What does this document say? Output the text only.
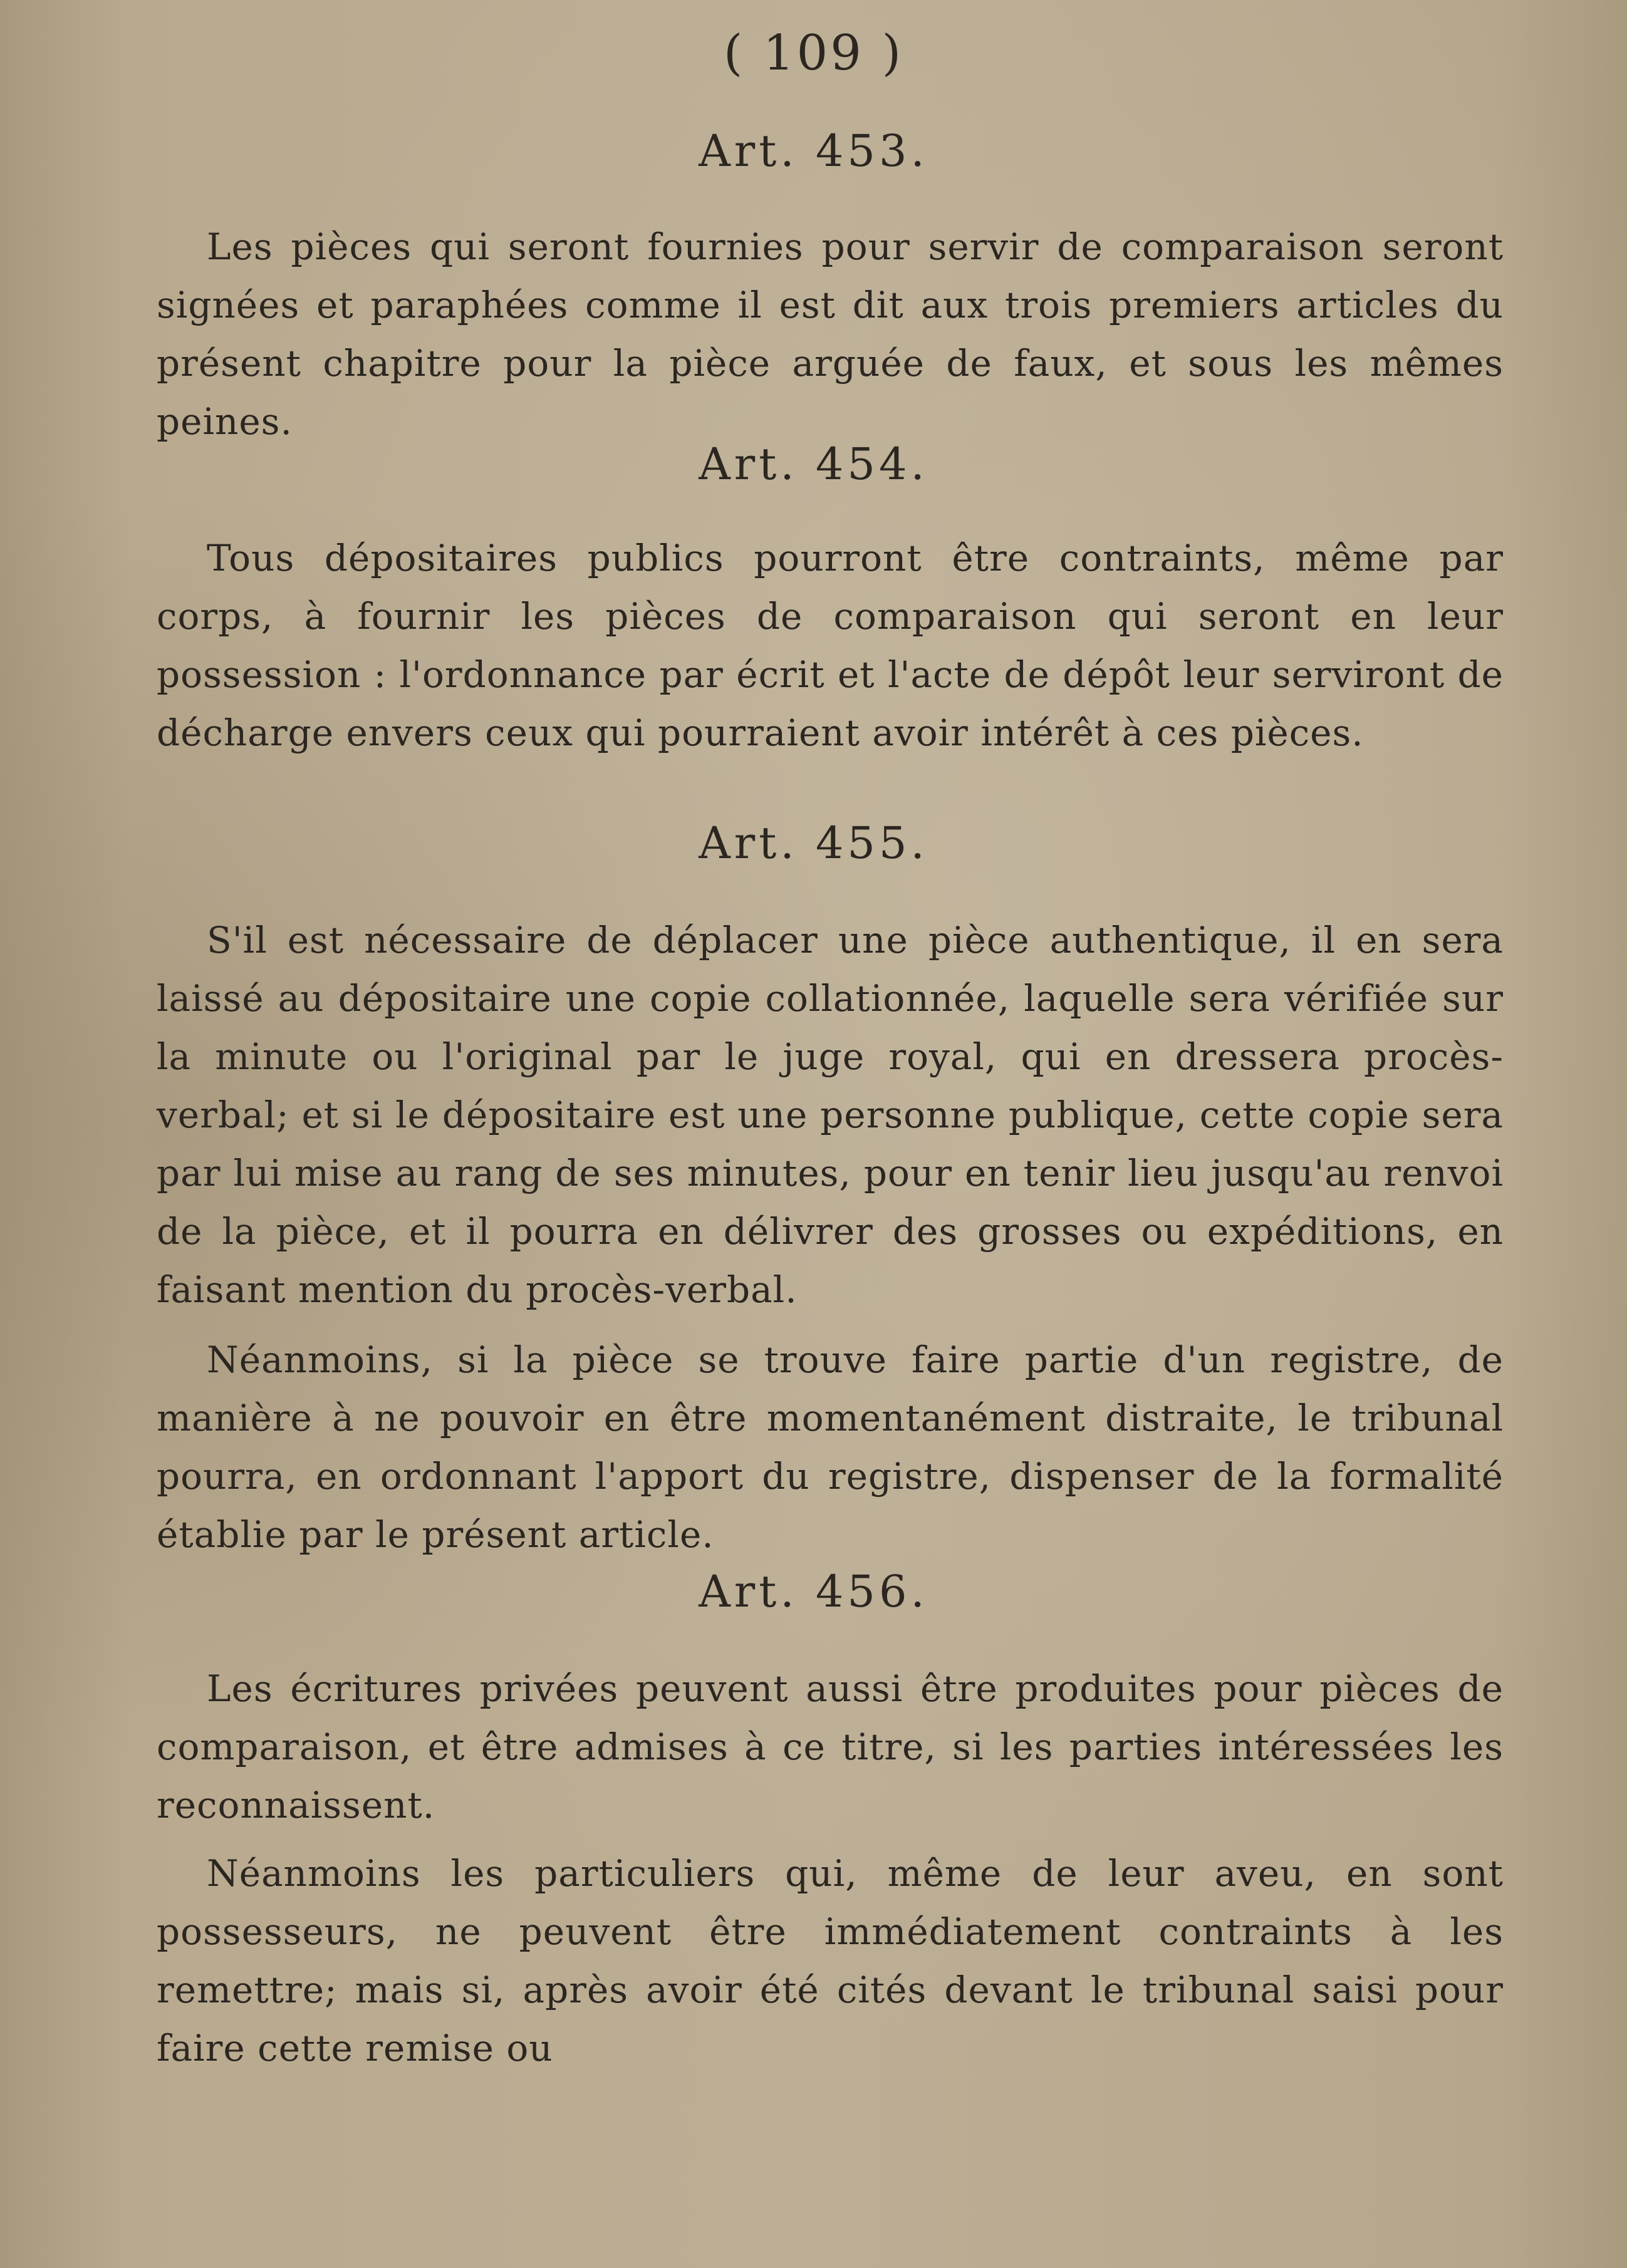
( 109 )
Art. 453.
Les pièces qui seront fournies pour servir de comparaison seront signées et paraphées comme il est dit aux trois premiers articles du présent chapitre pour la pièce arguée de faux, et sous les mêmes peines.
Art. 454.
Tous dépositaires publics pourront être contraints, même par corps, à fournir les pièces de comparaison qui seront en leur possession : l'ordonnance par écrit et l'acte de dépôt leur serviront de décharge envers ceux qui pourraient avoir intérêt à ces pièces.
Art. 455.
S'il est nécessaire de déplacer une pièce authentique, il en sera laissé au dépositaire une copie collationnée, laquelle sera vérifiée sur la minute ou l'original par le juge royal, qui en dressera procès-verbal; et si le dépositaire est une personne publique, cette copie sera par lui mise au rang de ses minutes, pour en tenir lieu jusqu'au renvoi de la pièce, et il pourra en délivrer des grosses ou expéditions, en faisant mention du procès-verbal.
Néanmoins, si la pièce se trouve faire partie d'un registre, de manière à ne pouvoir en être momentanément distraite, le tribunal pourra, en ordonnant l'apport du registre, dispenser de la formalité établie par le présent article.
Art. 456.
Les écritures privées peuvent aussi être produites pour pièces de comparaison, et être admises à ce titre, si les parties intéressées les reconnaissent.
Néanmoins les particuliers qui, même de leur aveu, en sont possesseurs, ne peuvent être immédiatement contraints à les remettre; mais si, après avoir été cités devant le tribunal saisi pour faire cette remise ou
